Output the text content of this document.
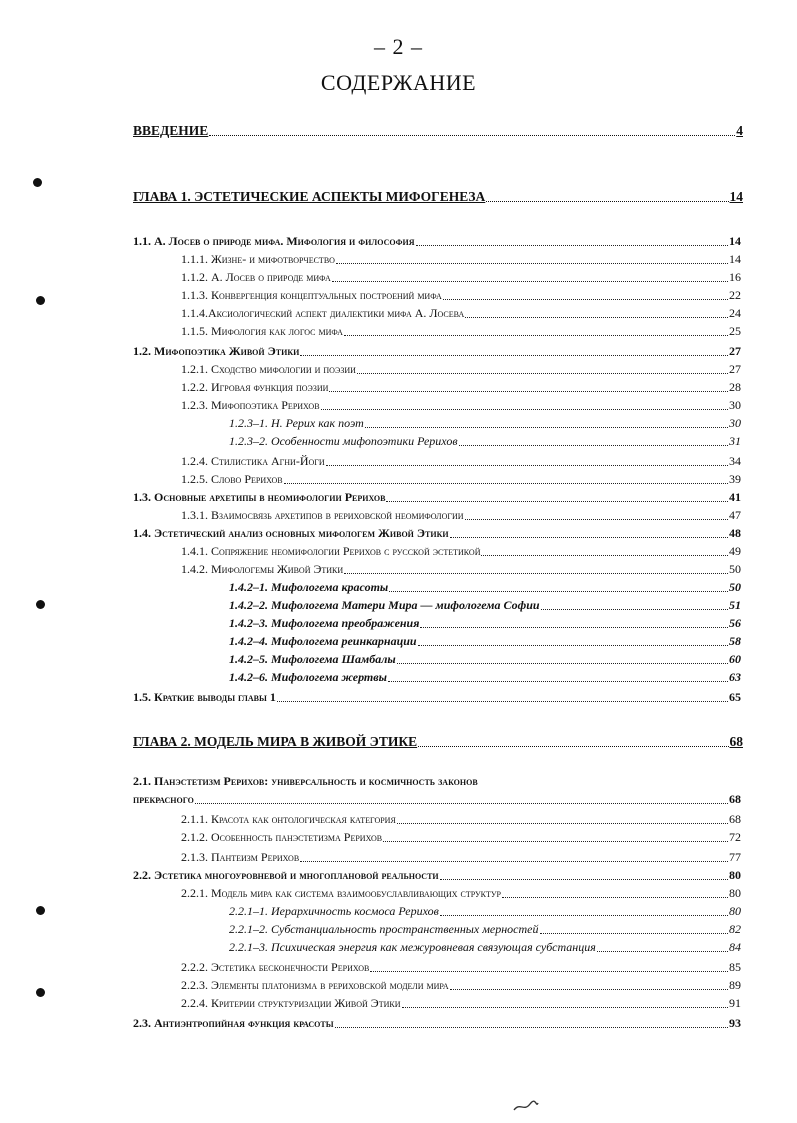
– 2 –
СОДЕРЖАНИЕ
ВВЕДЕНИЕ	4
ГЛАВА 1. ЭСТЕТИЧЕСКИЕ АСПЕКТЫ МИФОГЕНЕЗА	14
1.1. А. Лосев о природе мифа. Мифология и философия	14
1.1.1. Жизне- и мифотворчество	14
1.1.2. А. Лосев о природе мифа	16
1.1.3. Конвергенция концептуальных построений мифа	22
1.1.4.Аксиологический аспект диалектики мифа А. Лосева	24
1.1.5. Мифология как логос мифа	25
1.2. Мифопоэтика Живой Этики	27
1.2.1. Сходство мифологии и поэзии	27
1.2.2. Игровая функция поэзии	28
1.2.3. Мифопоэтика Рерихов	30
1.2.3–1. Н. Рерих как поэт	30
1.2.3–2. Особенности мифопоэтики Рерихов	31
1.2.4. Стилистика Агни-Йоги	34
1.2.5. Слово Рерихов	39
1.3. Основные архетипы в неомифологии Рерихов	41
1.3.1. Взаимосвязь архетипов в рериховской неомифологии	47
1.4. Эстетический анализ основных мифологем Живой Этики	48
1.4.1. Сопряжение неомифологии Рерихов с русской эстетикой	49
1.4.2. Мифологемы Живой Этики	50
1.4.2–1. Мифологема красоты	50
1.4.2–2. Мифологема Матери Мира — мифологема Софии	51
1.4.2–3. Мифологема преображения	56
1.4.2–4. Мифологема реинкарнации	58
1.4.2–5. Мифологема Шамбалы	60
1.4.2–6. Мифологема жертвы	63
1.5. Краткие выводы главы 1	65
ГЛАВА 2. МОДЕЛЬ МИРА В ЖИВОЙ ЭТИКЕ	68
2.1. Панэстетизм Рерихов: универсальность и космичность законов
прекрасного	68
2.1.1. Красота как онтологическая категория	68
2.1.2. Особенность панэстетизма Рерихов	72
2.1.3. Пантеизм Рерихов	77
2.2. Эстетика многоуровневой и многоплановой реальности	80
2.2.1. Модель мира как система взаимообуславливающих структур	80
2.2.1–1. Иерархичность космоса Рерихов	80
2.2.1–2. Субстанциальность пространственных мерностей	82
2.2.1–3. Психическая энергия как межуровневая связующая субстанция	84
2.2.2. Эстетика бесконечности Рерихов	85
2.2.3. Элементы платонизма в рериховской модели мира	89
2.2.4. Критерии структуризации Живой Этики	91
2.3. Антиэнтропийная функция красоты	93
